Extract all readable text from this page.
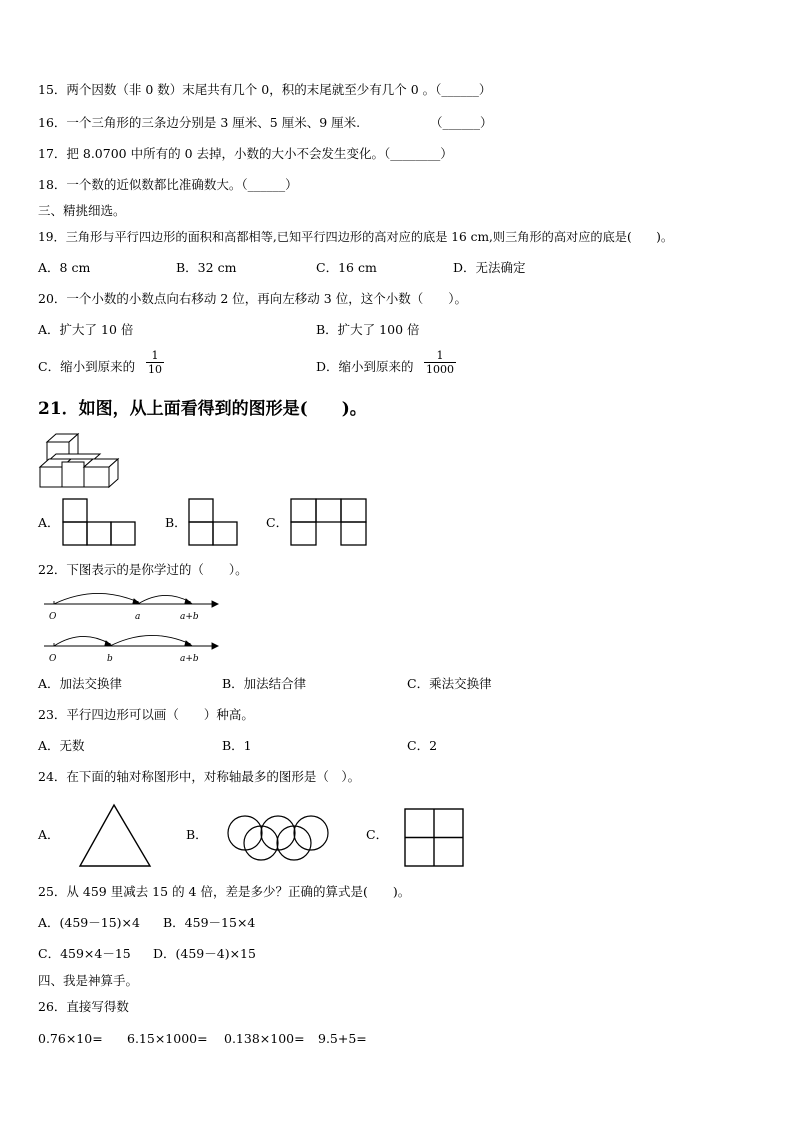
15．两个因数（非 0 数）末尾共有几个 0，积的末尾就至少有几个 0 。（______）
16．一个三角形的三条边分别是 3 厘米、5 厘米、9 厘米.	（______）
17．把 8.0700 中所有的 0 去掉，小数的大小不会发生变化。（________）
18．一个数的近似数都比准确数大。（______）
三、精挑细选。
19．三角形与平行四边形的面积和高都相等,已知平行四边形的高对应的底是 16 cm,则三角形的高对应的底是(　　)。
A．8 cm	B．32 cm	C．16 cm	D．无法确定
20．一个小数的小数点向右移动 2 位，再向左移动 3 位，这个小数（　　）。
A．扩大了 10 倍	B．扩大了 100 倍
C．缩小到原来的 $\frac{1}{10}$	D．缩小到原来的 $\frac{1}{1000}$
21．如图，从上面看得到的图形是(　　)。
A．	B．	C．
22．下图表示的是你学过的（　　）。
O	a	a+b
O	b	a+b
A．加法交换律	B．加法结合律	C．乘法交换律
23．平行四边形可以画（　　）种高。
A．无数	B．1	C．2
24．在下面的轴对称图形中，对称轴最多的图形是（　）。
A．	B．	C．
25．从 459 里减去 15 的 4 倍，差是多少？正确的算式是(　　)。
A．(459－15)×4 B．459－15×4
C．459×4－15 D．(459－4)×15
四、我是神算手。
26．直接写得数
0.76×10= 6.15×1000= 0.138×100= 9.5+5=
